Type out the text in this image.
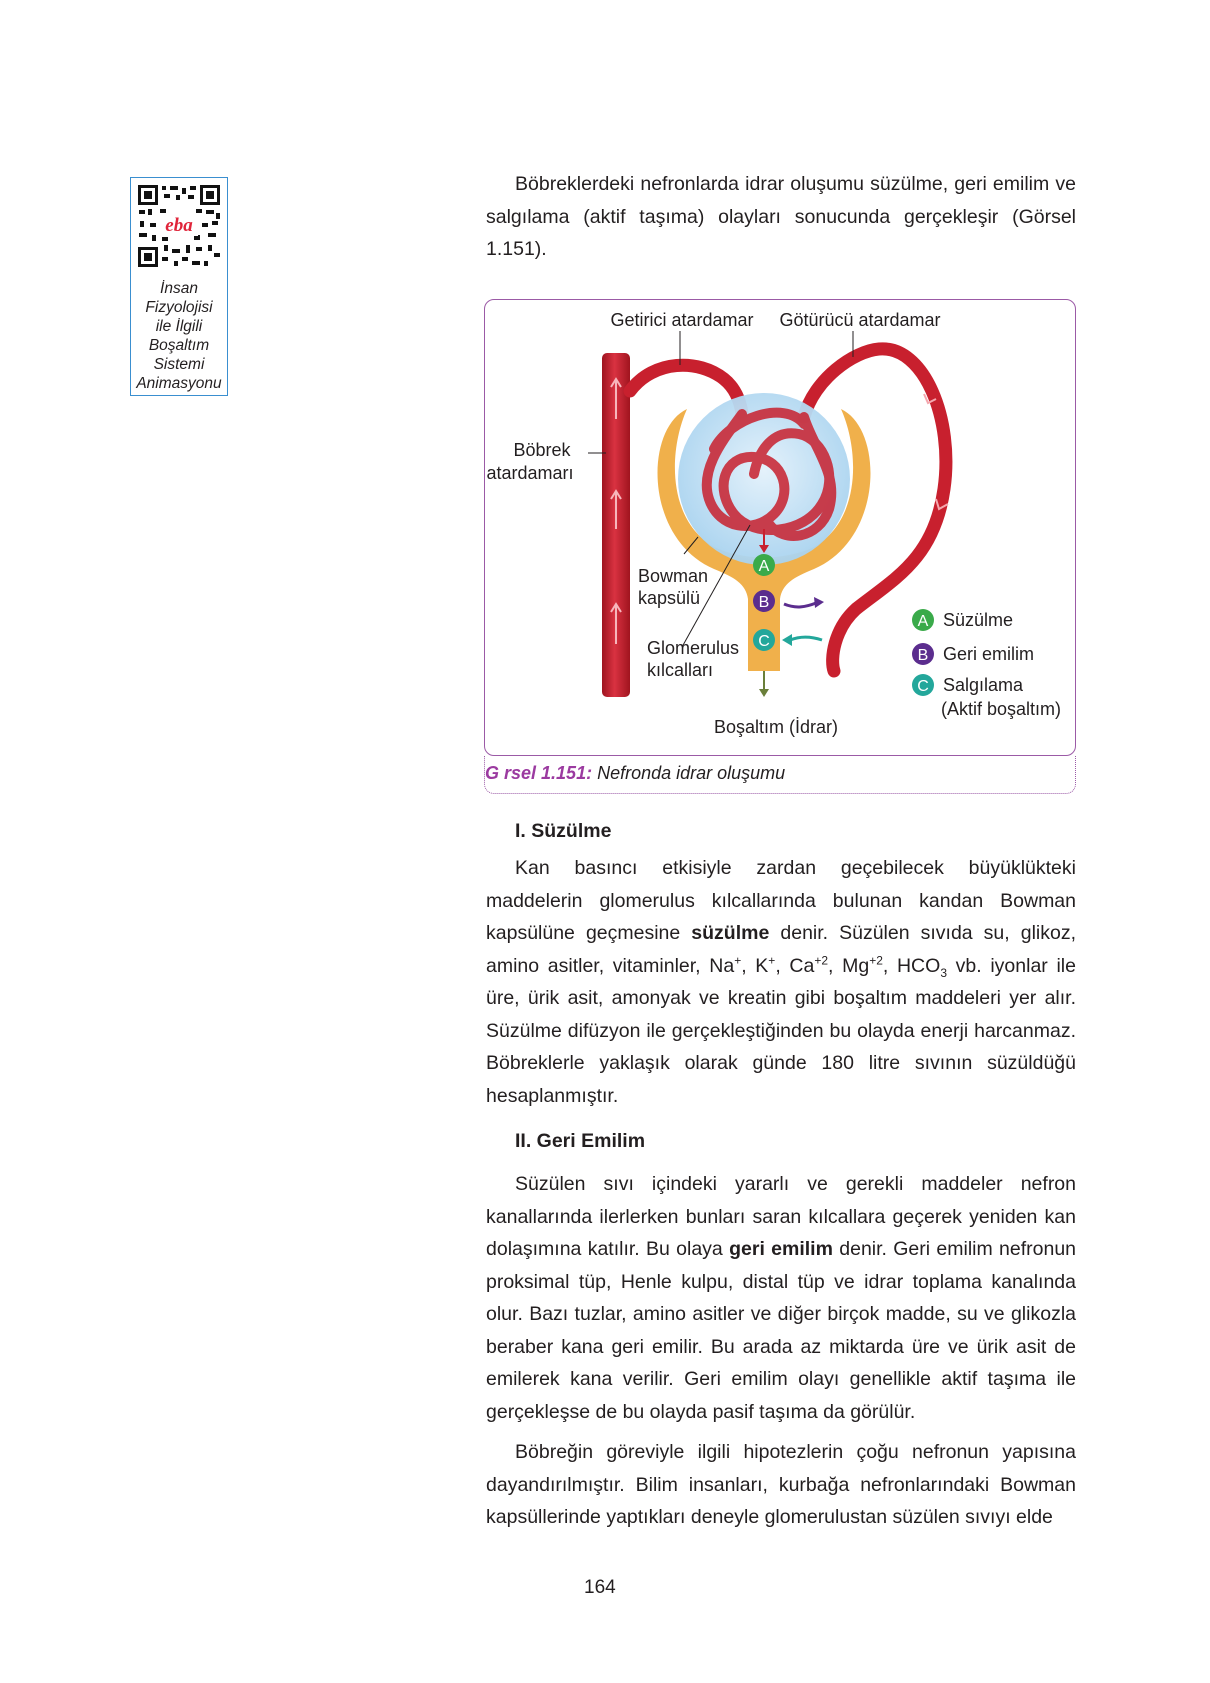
eba
İnsan
Fizyolojisi
ile İlgili
Boşaltım
Sistemi
Animasyonu

Böbreklerdeki nefronlarda idrar oluşumu süzülme, geri emilim ve salgılama (aktif taşıma) olayları sonucunda gerçekleşir (Görsel 1.151).

A
B
C
Getirici atardamar Götürücü atardamar
Böbrek
atardamarı
Bowman
kapsülü
Glomerulus
kılcalları
Boşaltım (İdrar)
A Süzülme
B Geri emilim
C Salgılama
(Aktif boşaltım)
G rsel 1.151: Nefronda idrar oluşumu

I. Süzülme

Kan basıncı etkisiyle zardan geçebilecek büyüklükteki maddelerin glomerulus kılcallarında bulunan kandan Bowman kapsülüne geçmesine süzülme denir. Süzülen sıvıda su, glikoz, amino asitler, vitaminler, Na+, K+, $Ca^{+2}$, $Mg^{+2}$, $HCO_3$ vb. iyonlar ile üre, ürik asit, amonyak ve kreatin gibi boşaltım maddeleri yer alır. Süzülme difüzyon ile gerçekleştiğinden bu olayda enerji harcanmaz. Böbreklerle yaklaşık olarak günde 180 litre sıvının süzüldüğü hesaplanmıştır.

II. Geri Emilim

Süzülen sıvı içindeki yararlı ve gerekli maddeler nefron kanallarında ilerlerken bunları saran kılcallara geçerek yeniden kan dolaşımına katılır. Bu olaya geri emilim denir. Geri emilim nefronun proksimal tüp, Henle kulpu, distal tüp ve idrar toplama kanalında olur. Bazı tuzlar, amino asitler ve diğer birçok madde, su ve glikozla beraber kana geri emilir. Bu arada az miktarda üre ve ürik asit de emilerek kana verilir. Geri emilim olayı genellikle aktif taşıma ile gerçekleşse de bu olayda pasif taşıma da görülür.

Böbreğin göreviyle ilgili hipotezlerin çoğu nefronun yapısına dayandırılmıştır. Bilim insanları, kurbağa nefronlarındaki Bowman kapsüllerinde yaptıkları deneyle glomerulustan süzülen sıvıyı elde

164
